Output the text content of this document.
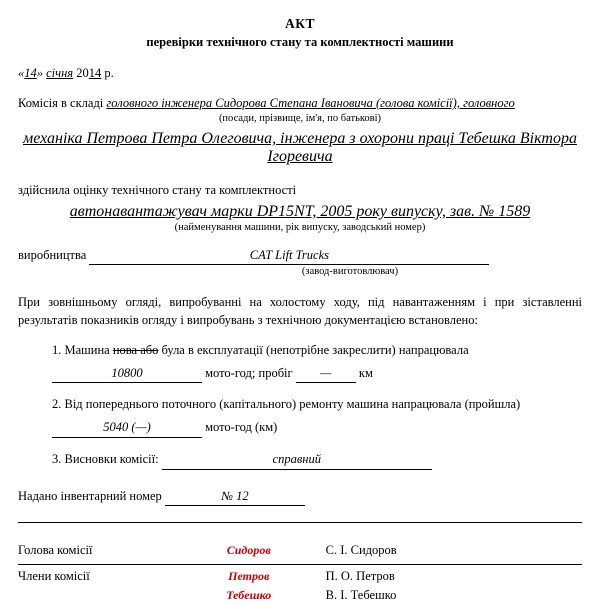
АКТ
перевірки технічного стану та комплектності машини
«14» січня 2014 р.
Комісія в складі головного інженера Сидорова Степана Івановича (голова комісії), головного
(посади, прізвище, ім'я, по батькові)
механіка Петрова Петра Олеговича, інженера з охорони праці Тебешка Віктора Ігоревича
здійснила оцінку технічного стану та комплектності
автонавантажувач марки DP15NT, 2005 року випуску, зав. № 1589
(найменування машини, рік випуску, заводський номер)
виробництва	CAT Lift Trucks
(завод-виготовлювач)
При зовнішньому огляді, випробуванні на холостому ходу, під навантаженням і при зіставленні результатів показників огляду і випробувань з технічною документацією встановлено:
1. Машина нова або була в експлуатації (непотрібне закреслити) напрацювала
10800	мото-год; пробіг — км
2. Від попереднього поточного (капітального) ремонту машина напрацювала (пройшла)
5040 (—)	мото-год (км)
3. Висновки комісії:	справний
Надано інвентарний номер	№ 12
Голова комісії	Сидоров	С. І. Сидоров

Члени комісії	Петров	П. О. Петров
	Тебешко	В. І. Тебешко
